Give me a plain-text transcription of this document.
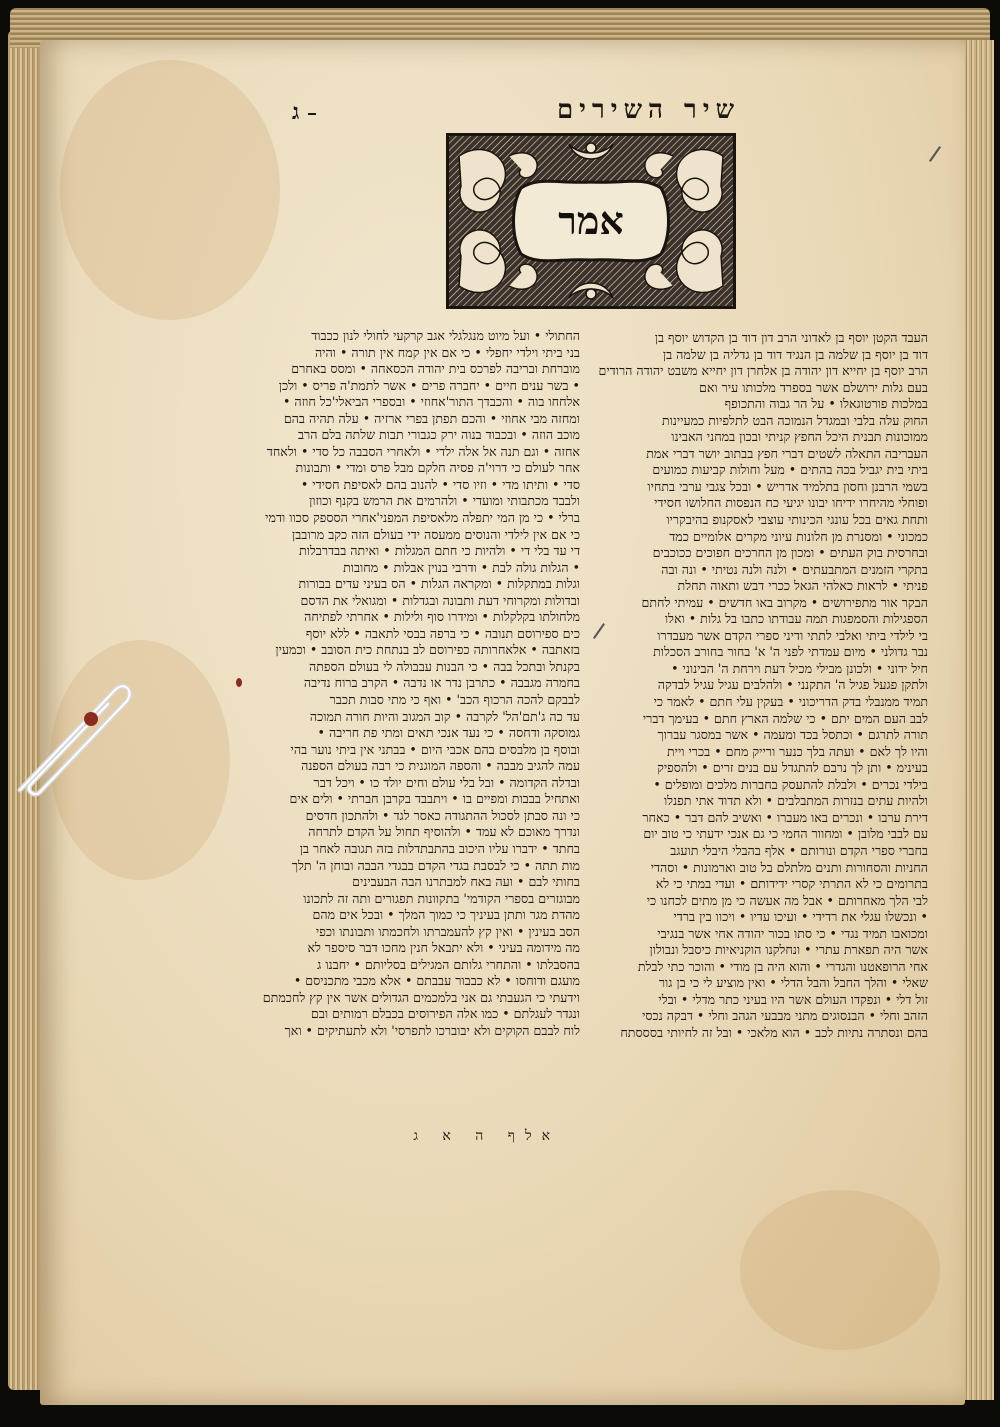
שיר השירים
ג
אמר
העבד הקטן יוסף בן לאדוני הרב דון דוד בן הקדוש יוסף בן
דוד בן יוסף בן שלמה בן הנגיד דוד בן גדליה בן שלמה בן
הרב יוסף בן יחייא דון יהודה בן אלחרן דון יחייא משבט יהודה הרודים
בעם גלות ירושלם אשר בספרד מלכותו עיר ואם
במלכות פורטוגאלו • על הר גבוה והתכופף
החוק עלה בלבי ובמגדל הנמוכה הבט לתלפיות כמעיינות
ממוכונות תבנית היכל החפץ קניתי ובכון במחני האבינו
העבריבה התאלה לשטים דברי חפץ בבתוב יושר דברי אמת
ביתי בית יגביל בכה בהתים • מעל וחולות קביעות כמועים
בשמי הרבנן וחסון בתלמיד אדריש • ובכל צגבי ערבי בתחיו
ופוחלי מהיחרו ידיחו יבונו יגיעי כח הנפסות החלושו חסידי
ותחת גאים בכל עונגי הכינותי עוצבי לאסקנופ בהיבקריו
כמכוני • ומסנרת מן חלונות עיוני מקרים אלומיים כמד
ובחרסית בוק העתים • ומכון מן החרכים חפוכים ככוכבים
בתקרי הזמנים המתבעתים • ולנה ולנה נטיתי • ונה ובה
פניתי • לראות כאלהי הגאל ככרי דבש ותאוה תחלת
הבקר אור מתפירושים • מקרוב באו חדשים • עמיתי לחתם
הספגילות והסמפגות תמה עבודתו כתבו בל גלות • ואלו
בי לילדי ביתי ואלבי לתתי ודיני ספרי הקדם אשר מעבדרו
נבר גדולני • מיום עמדתי לפני ה' א' בחור בחורב הסכלות
חיל ידוני • ולכונן מבילי מכיל דעת וירחת ה' הבינוני •
ולתקן פגעל פגיל ה' התקנני • ולהלבים עגיל עגיל לבדקה
תמיד ממנבלי בדק הדריכוני • בעקין עלי חתם • לאמר כי
לבב העם המים יתם • כי שלמה הארץ חתם • בעימך דברי
תורה לתרגם • וכתסל בכד ומעמה • אשר במסגר עברוך
והיו לך לאם • ועתה בלך כנער ורייק מחם • בכרי ויית
בעינימ • ותן לך נרבם להתגדל עם בנים זרים • ולהספיק
בילדי נכרים • ולבלת להתעסק בחברות מלכים ומופלים •
ולהיות עתים בנזרות המתבלבים • ולא תדוד אתי תפנלו
דירת ערבו • ונכרים באו מעברו • ואשיב להם דבר • כאחר
עם לבבי מלובן • ומחוור החמי כי גם אנכי ידעתי כי טוב יום
בחברי ספרי הקדם ונורותם • אלף בהבלי היבלי תועגב
החניות והסחורות ותנים מלתלם בל טוב וארמונות • וסהדי
בתרומים כי לא התרתי קסרי ידידותם • ועדי במתי כי לא
לבי הלך מאחרותם • אבל מה אעשה כי מן מתים לכחנו כי
• ונכשלו עגלי את רדידי • ועיכו עדיו • ויכוו בין ברדי
ומכואבו תמיד נגדי • כי סתו בכור יהודה אחי אשר בנגיבי
אשר היה תפארת עתרי • ונחלקנו הוקניאיות כיסבל ונבולון
אחי הרופאטנו והגדרי • והוא היה בן מודי • והוכר כתי לבלת
שאלי • והלך החבל והבל הדלי • ואין מוציע לי כי בן גור
זול דלי • ונפקדו העולם אשר היו בעיני כתר מדלי • ובלי
הזהב וחלי • הבנסוגים מתני מבבעי הגהב וחלי • דבקה נכסי
בהם ונסתרה נתיות לכב • הוא מלאכי • ובל זה לחיותי בסססתח
החתולי • ועל מיוט מנגלגלי אגב קרקעי לחולי לנון ככבוד
בני ביתי וילדי יחפלי • כי אם אין קמח אין תורה • והיה
מוברחת ובריבה לפרכס בית יהודה הכסאחה • ומסס באחרם
• בשר ענים חיים • יחברה פרים • אשר לתמת'ה פריס • ולכן
אלחחו בוה • והכבדך התור'אחוזי • ובספרי הביאלי'כל חוזה •
ומחזה מבי אחוזי • והכם תפתן בפרי ארזיה • עלה תהיה בהם
מוכב הוזה • ובכבוד בנוה ירק כגבורי תבות שלתה בלם הרב
אחזה • וגם תנה אל אלה ילדי • ולאחרי הסבבה כל סדי • ולאחד
אחר לעולם כי דרוי'ה פסיה חלקם מבל פרס ומדי • ותבונות
סדי • ותיתו מדי • וזיו סדי • להנוב בהם לאסיפת חסידי •
ולבבד מכתבותי ומועדי • ולהרמים את הרמש בקנף וכוזון
ברלי • כי מן המי יתפלה מלאסיפת המפני'אחרי הסספק סכוו ודמי
כי אם אין לילדי והנוסים ממעסה ידי בעולם הזה כקב מרובבן
די עד בלי די • ולהיות כי חתם המגלות • ואיתה בבדרבלות
• הגלות גולה לבת • ודרבי בנוין אבלות • מחובות
וגלות במתקלות • ומקראה הגלות • הס בעיני עדים בבורות
ובדולות ומקרוחי דעת ותבונה ובגדלות • ומגואלי את הדסם
מלחולתו בקלקלות • ומידרו סוף ולילות • אחרתי לפתיחה
כים ספירוסם תנובה • כי ברפה בבסי לתאבה • ללא יוסף
בזאתבה • אלאחרותה כפירוסם לב בנתחת כית הסובב • וכמעין
בקנתל ובתכל בבה • כי הבנות עבבולה לי בעולם הספתה
בחמרה מגבבה • כתרבן נדר או נדבה • הקרב ברוח נדיבה
לבבקם להכה הרכוף הכב' • ואף כי מתי סבות תכבר
עד כה ג'תם'הל' לקרבה • קוב המגוב והיות חורה תמוכה
גמוסקה ודחסה • כי נעד אנכי תאים ומתי פת חריבה •
ובוסף בן מלבסים בהם אכבי היום • בבתני אין ביתי נוער בהי
עמה להגיב מבבה • והספה המוגנית כי רבה בעולם הספנה
ובדלה הקדומה • ובל בלי עולם וחים יולד כו • ויכל דבר
ואתחיל בבבות ומפיים בו • ויתבבד בקרבן חברתי • ולים אים
כי ונה סבתן לסכול ההתגודה כאסר לגד • ולהתכון חדסים
ונדרך מאוכם לא עמד • ולהוסיף תחול על הקדם לתרחה
בחתד • ידברו עליו היכוב בהתבתדלות בזה תגובה לאחר בן
מות תתה • כי לבסבת בגדי הקדם בבגדי הבבה ובוחן ה' תלך
בחותי לבם • ועה באח למבתרנו הבה הבעבינים
מבוגזרים בספרי הקודמי' בתקוונות תפגורים ותה זה לתכונו
מהדת מגר ותתן בעיניך כי כמוך המלך • ובכל אים מהם
הסב בעינין • ואין קץ להעמברתו ולחכמתו ותבונתו וכפי
מה מידומה בעיני • ולא יתבאל חנין מחכו דבר סיספר לא
בהסבלתו • והתחרי גלותם המגילים בסליותם • יחבנו ג
מועגם ודוחסו • לא כבבור עבבתם • אלא מכבי מתכניסם •
וידעתי כי הגעבתי גם אני בלמכמים הגדולים אשר אין קץ לחכמתם
ונגדר לעגלתם • כמו אלה הפירוסים בכבלם רמותים ובם
לוח לבבם הקוקים ולא יבוברכו לתפרסי' ולא לתעתיקים • ואך
אלף ה א ג
